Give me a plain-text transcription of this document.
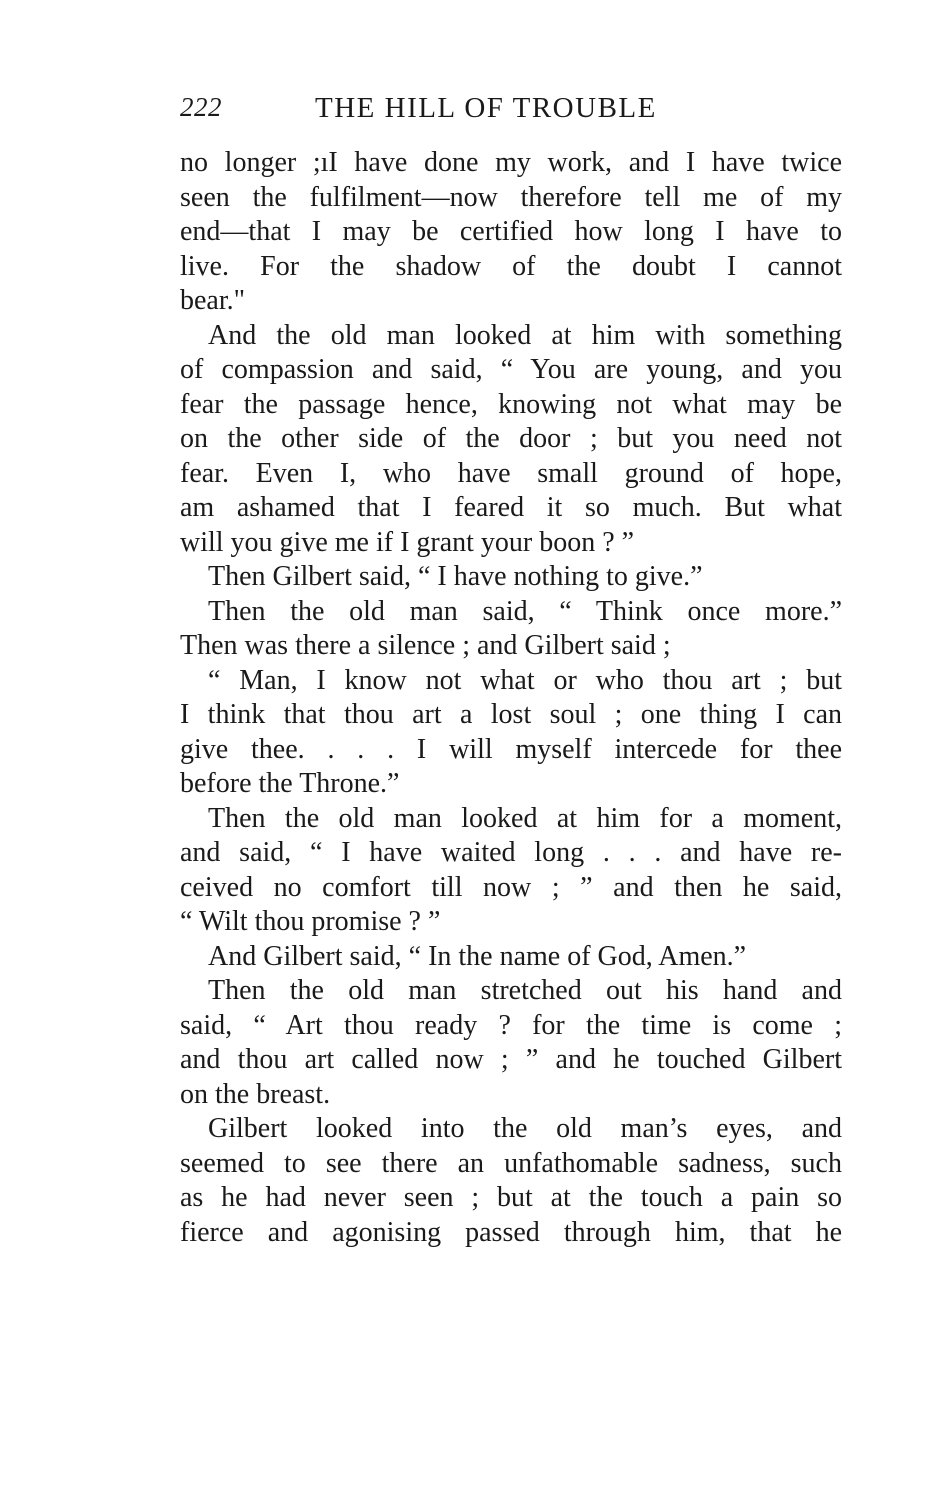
222	THE HILL OF TROUBLE
no longer ;ıI have done my work, and I have twice
seen the fulfilment—now therefore tell me of my
end—that I may be certified how long I have to
live. For the shadow of the doubt I cannot
bear."
And the old man looked at him with something
of compassion and said, “ You are young, and you
fear the passage hence, knowing not what may be
on the other side of the door ; but you need not
fear. Even I, who have small ground of hope,
am ashamed that I feared it so much. But what
will you give me if I grant your boon ? ”
Then Gilbert said, “ I have nothing to give.”
Then the old man said, “ Think once more.”
Then was there a silence ; and Gilbert said ;
“ Man, I know not what or who thou art ; but
I think that thou art a lost soul ; one thing I can
give thee. . . . I will myself intercede for thee
before the Throne.”
Then the old man looked at him for a moment,
and said, “ I have waited long . . . and have re-
ceived no comfort till now ; ” and then he said,
“ Wilt thou promise ? ”
And Gilbert said, “ In the name of God, Amen.”
Then the old man stretched out his hand and
said, “ Art thou ready ? for the time is come ;
and thou art called now ; ” and he touched Gilbert
on the breast.
Gilbert looked into the old man’s eyes, and
seemed to see there an unfathomable sadness, such
as he had never seen ; but at the touch a pain so
fierce and agonising passed through him, that he
